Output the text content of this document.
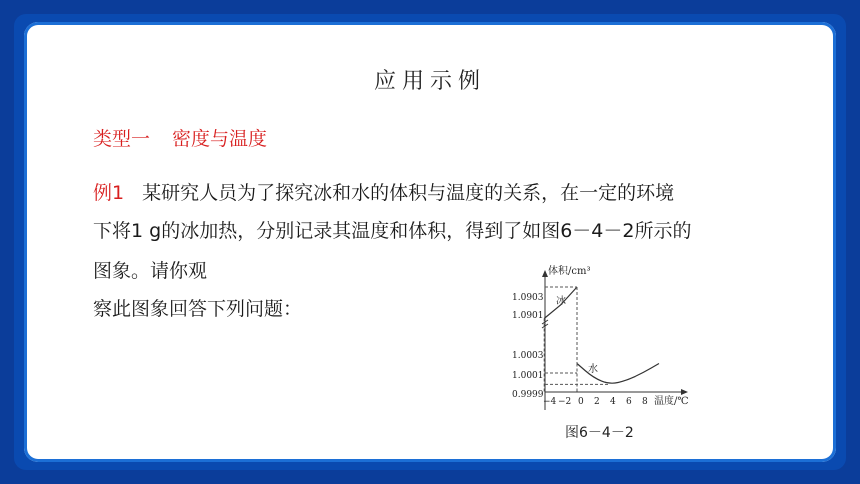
应用示例
类型一 密度与温度
例1 某研究人员为了探究冰和水的体积与温度的关系，在一定的环境
下将1 g的冰加热，分别记录其温度和体积，得到了如图6－4－2所示的
图象。请你观
察此图象回答下列问题：
体积/cm³
1.0903
1.0901
1.0003
1.0001
0.9999
−4 −2 0 2 4 6 8 温度/℃
冰
水
图6－4－2
